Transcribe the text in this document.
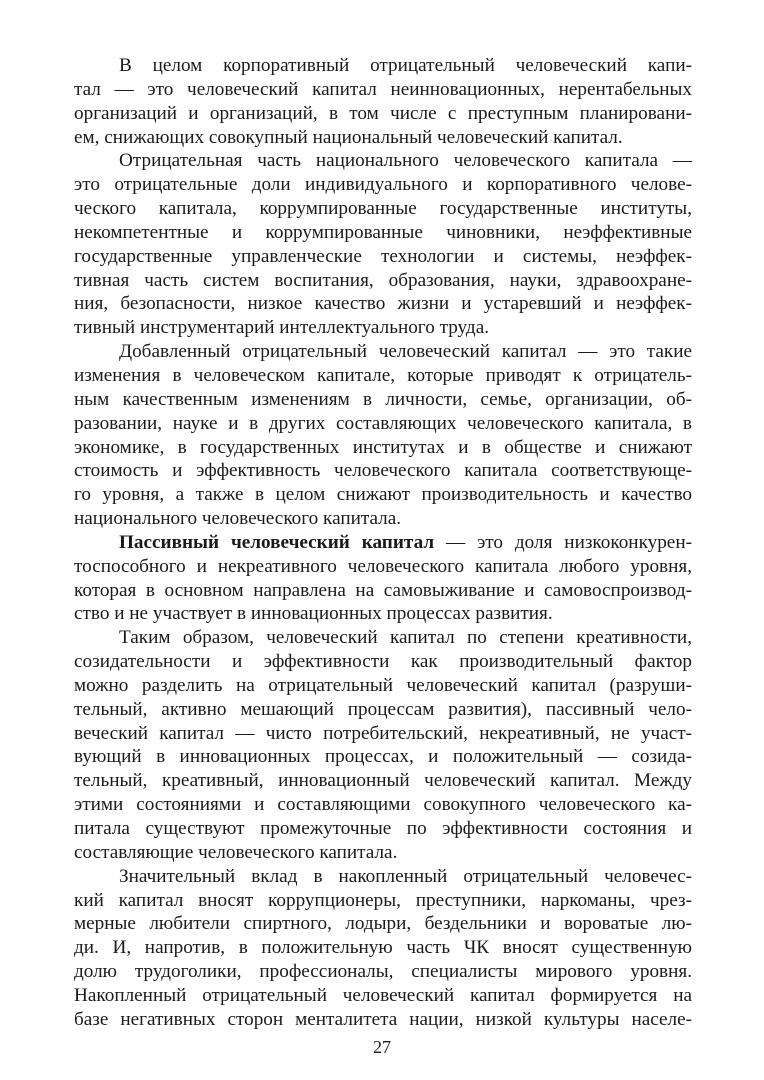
В целом корпоративный отрицательный человеческий капи-
тал — это человеческий капитал неинновационных, нерентабельных
организаций и организаций, в том числе с преступным планировани-
ем, снижающих совокупный национальный человеческий капитал.
Отрицательная часть национального человеческого капитала —
это отрицательные доли индивидуального и корпоративного челове-
ческого капитала, коррумпированные государственные институты,
некомпетентные и коррумпированные чиновники, неэффективные
государственные управленческие технологии и системы, неэффек-
тивная часть систем воспитания, образования, науки, здравоохране-
ния, безопасности, низкое качество жизни и устаревший и неэффек-
тивный инструментарий интеллектуального труда.
Добавленный отрицательный человеческий капитал — это такие
изменения в человеческом капитале, которые приводят к отрицатель-
ным качественным изменениям в личности, семье, организации, об-
разовании, науке и в других составляющих человеческого капитала, в
экономике, в государственных институтах и в обществе и снижают
стоимость и эффективность человеческого капитала соответствующе-
го уровня, а также в целом снижают производительность и качество
национального человеческого капитала.
Пассивный человеческий капитал — это доля низкоконкурен-
тоспособного и некреативного человеческого капитала любого уровня,
которая в основном направлена на самовыживание и самовоспроизвод-
ство и не участвует в инновационных процессах развития.
Таким образом, человеческий капитал по степени креативности,
созидательности и эффективности как производительный фактор
можно разделить на отрицательный человеческий капитал (разруши-
тельный, активно мешающий процессам развития), пассивный чело-
веческий капитал — чисто потребительский, некреативный, не участ-
вующий в инновационных процессах, и положительный — созида-
тельный, креативный, инновационный человеческий капитал. Между
этими состояниями и составляющими совокупного человеческого ка-
питала существуют промежуточные по эффективности состояния и
составляющие человеческого капитала.
Значительный вклад в накопленный отрицательный человечес-
кий капитал вносят коррупционеры, преступники, наркоманы, чрез-
мерные любители спиртного, лодыри, бездельники и вороватые лю-
ди. И, напротив, в положительную часть ЧК вносят существенную
долю трудоголики, профессионалы, специалисты мирового уровня.
Накопленный отрицательный человеческий капитал формируется на
базе негативных сторон менталитета нации, низкой культуры населе-
27
